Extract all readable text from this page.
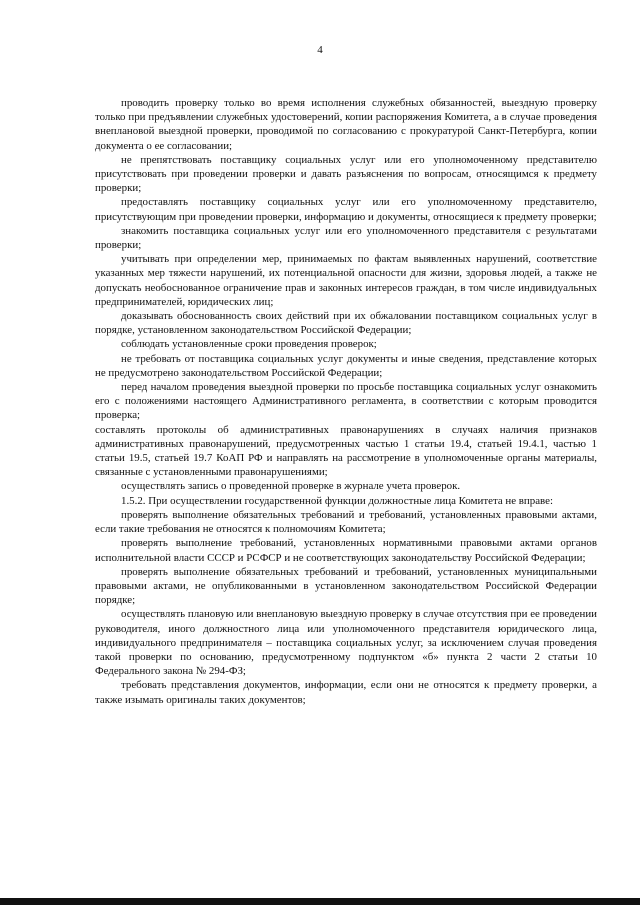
4

проводить проверку только во время исполнения служебных обязанностей, выездную проверку только при предъявлении служебных удостоверений, копии распоряжения Комитета, а в случае проведения внеплановой выездной проверки, проводимой по согласованию с прокуратурой Санкт-Петербурга, копии документа о ее согласовании;

не препятствовать поставщику социальных услуг или его уполномоченному представителю присутствовать при проведении проверки и давать разъяснения по вопросам, относящимся к предмету проверки;

предоставлять поставщику социальных услуг или его уполномоченному представителю, присутствующим при проведении проверки, информацию и документы, относящиеся к предмету проверки;

знакомить поставщика социальных услуг или его уполномоченного представителя с результатами проверки;

учитывать при определении мер, принимаемых по фактам выявленных нарушений, соответствие указанных мер тяжести нарушений, их потенциальной опасности для жизни, здоровья людей, а также не допускать необоснованное ограничение прав и законных интересов граждан, в том числе индивидуальных предпринимателей, юридических лиц;

доказывать обоснованность своих действий при их обжаловании поставщиком социальных услуг в порядке, установленном законодательством Российской Федерации;

соблюдать установленные сроки проведения проверок;

не требовать от поставщика социальных услуг документы и иные сведения, представление которых не предусмотрено законодательством Российской Федерации;

перед началом проведения выездной проверки по просьбе поставщика социальных услуг ознакомить его с положениями настоящего Административного регламента, в соответствии с которым проводится проверка;

составлять протоколы об административных правонарушениях в случаях наличия признаков административных правонарушений, предусмотренных частью 1 статьи 19.4, статьей 19.4.1, частью 1 статьи 19.5, статьей 19.7 КоАП РФ и направлять на рассмотрение в уполномоченные органы материалы, связанные с установленными правонарушениями;

осуществлять запись о проведенной проверке в журнале учета проверок.

1.5.2. При осуществлении государственной функции должностные лица Комитета не вправе:

проверять выполнение обязательных требований и требований, установленных правовыми актами, если такие требования не относятся к полномочиям Комитета;

проверять выполнение требований, установленных нормативными правовыми актами органов исполнительной власти СССР и РСФСР и не соответствующих законодательству Российской Федерации;

проверять выполнение обязательных требований и требований, установленных муниципальными правовыми актами, не опубликованными в установленном законодательством Российской Федерации порядке;

осуществлять плановую или внеплановую выездную проверку в случае отсутствия при ее проведении руководителя, иного должностного лица или уполномоченного представителя юридического лица, индивидуального предпринимателя – поставщика социальных услуг, за исключением случая проведения такой проверки по основанию, предусмотренному подпунктом «б» пункта 2 части 2 статьи 10 Федерального закона № 294-ФЗ;

требовать представления документов, информации, если они не относятся к предмету проверки, а также изымать оригиналы таких документов;
